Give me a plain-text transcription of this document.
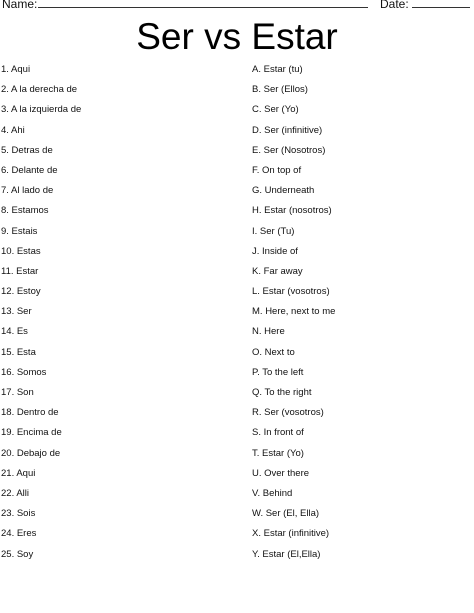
Name:	Date:
Ser vs Estar
1. Aqui
2. A la derecha de
3. A la izquierda de
4. Ahi
5. Detras de
6. Delante de
7. Al lado de
8. Estamos
9. Estais
10. Estas
11. Estar
12. Estoy
13. Ser
14. Es
15. Esta
16. Somos
17. Son
18. Dentro de
19. Encima de
20. Debajo de
21. Aqui
22. Alli
23. Sois
24. Eres
25. Soy
A. Estar (tu)
B. Ser (Ellos)
C. Ser (Yo)
D. Ser (infinitive)
E. Ser (Nosotros)
F. On top of
G. Underneath
H. Estar (nosotros)
I. Ser (Tu)
J. Inside of
K. Far away
L. Estar (vosotros)
M. Here, next to me
N. Here
O. Next to
P. To the left
Q. To the right
R. Ser (vosotros)
S. In front of
T. Estar (Yo)
U. Over there
V. Behind
W. Ser (El, Ella)
X. Estar (infinitive)
Y. Estar (El,Ella)
